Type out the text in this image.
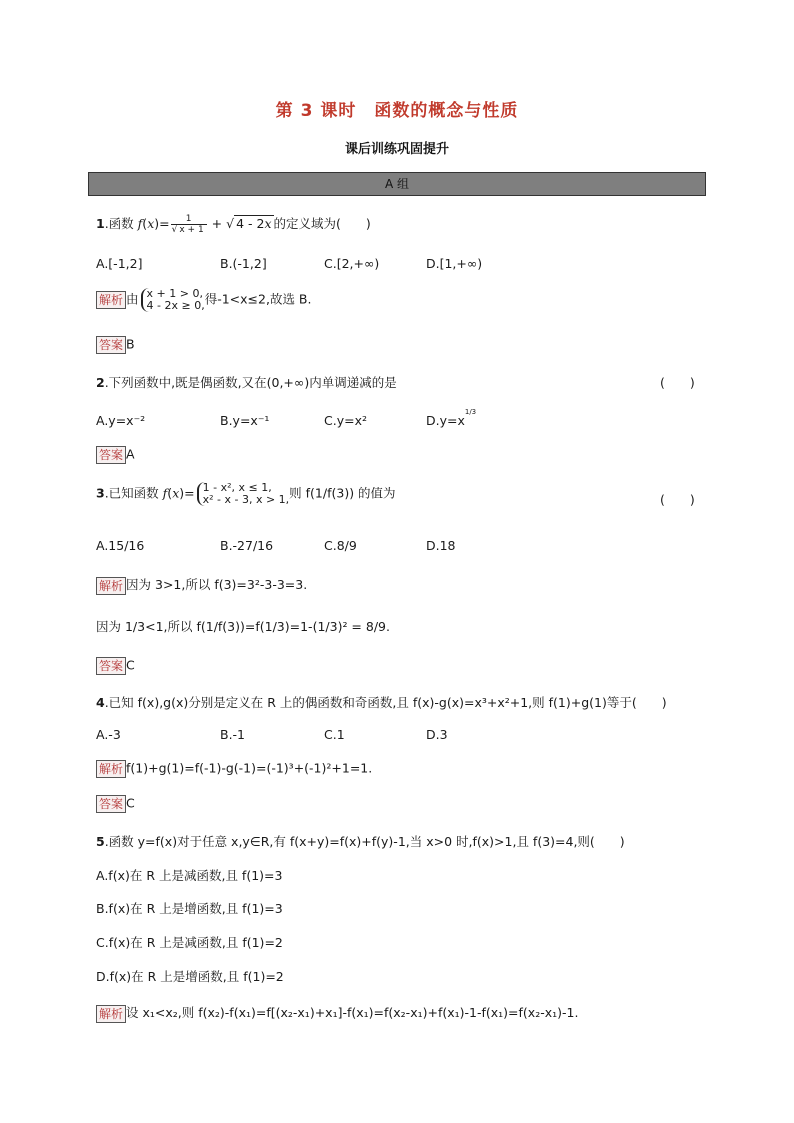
第 3 课时　函数的概念与性质
课后训练巩固提升
A 组
1.函数 $f(x)= \frac{1}{√ x + 1}$ + √ 4 - 2x 的定义域为(　　)
A.[-1,2]	B.(-1,2]	C.[2,+∞)	D.[1,+∞)
解析 由 x + 1 > 0,
4 - 2x ≥ 0,得-1<x≤2,故选 B.
答案 B
2.下列函数中,既是偶函数,又在(0,+∞)内单调递减的是	(　　)
A.y=x⁻²	B.y=x⁻¹	C.y=x²	$D.y=x^{1/3}$
答案 A
3.已知函数 f(x)= 1 - x², x ≤ 1,
x² - x - 3, x > 1,则 f(1/f(3)) 的值为	(　　)
A.15/16	B.-27/16	C.8/9	D.18
解析 因为 3>1,所以 f(3)=3²-3-3=3.
因为 1/3<1,所以 f(1/f(3))=f(1/3)=1-(1/3)² = 8/9.
答案 C
4.已知 f(x),g(x)分别是定义在 R 上的偶函数和奇函数,且 f(x)-g(x)=x³+x²+1,则 f(1)+g(1)等于(　　)
A.-3	B.-1	C.1	D.3
解析 f(1)+g(1)=f(-1)-g(-1)=(-1)³+(-1)²+1=1.
答案 C
5.函数 y=f(x)对于任意 x,y∈R,有 f(x+y)=f(x)+f(y)-1,当 x>0 时,f(x)>1,且 f(3)=4,则(　　)
A.f(x)在 R 上是减函数,且 f(1)=3
B.f(x)在 R 上是增函数,且 f(1)=3
C.f(x)在 R 上是减函数,且 f(1)=2
D.f(x)在 R 上是增函数,且 f(1)=2
解析 设 x₁<x₂,则 f(x₂)-f(x₁)=f[(x₂-x₁)+x₁]-f(x₁)=f(x₂-x₁)+f(x₁)-1-f(x₁)=f(x₂-x₁)-1.
